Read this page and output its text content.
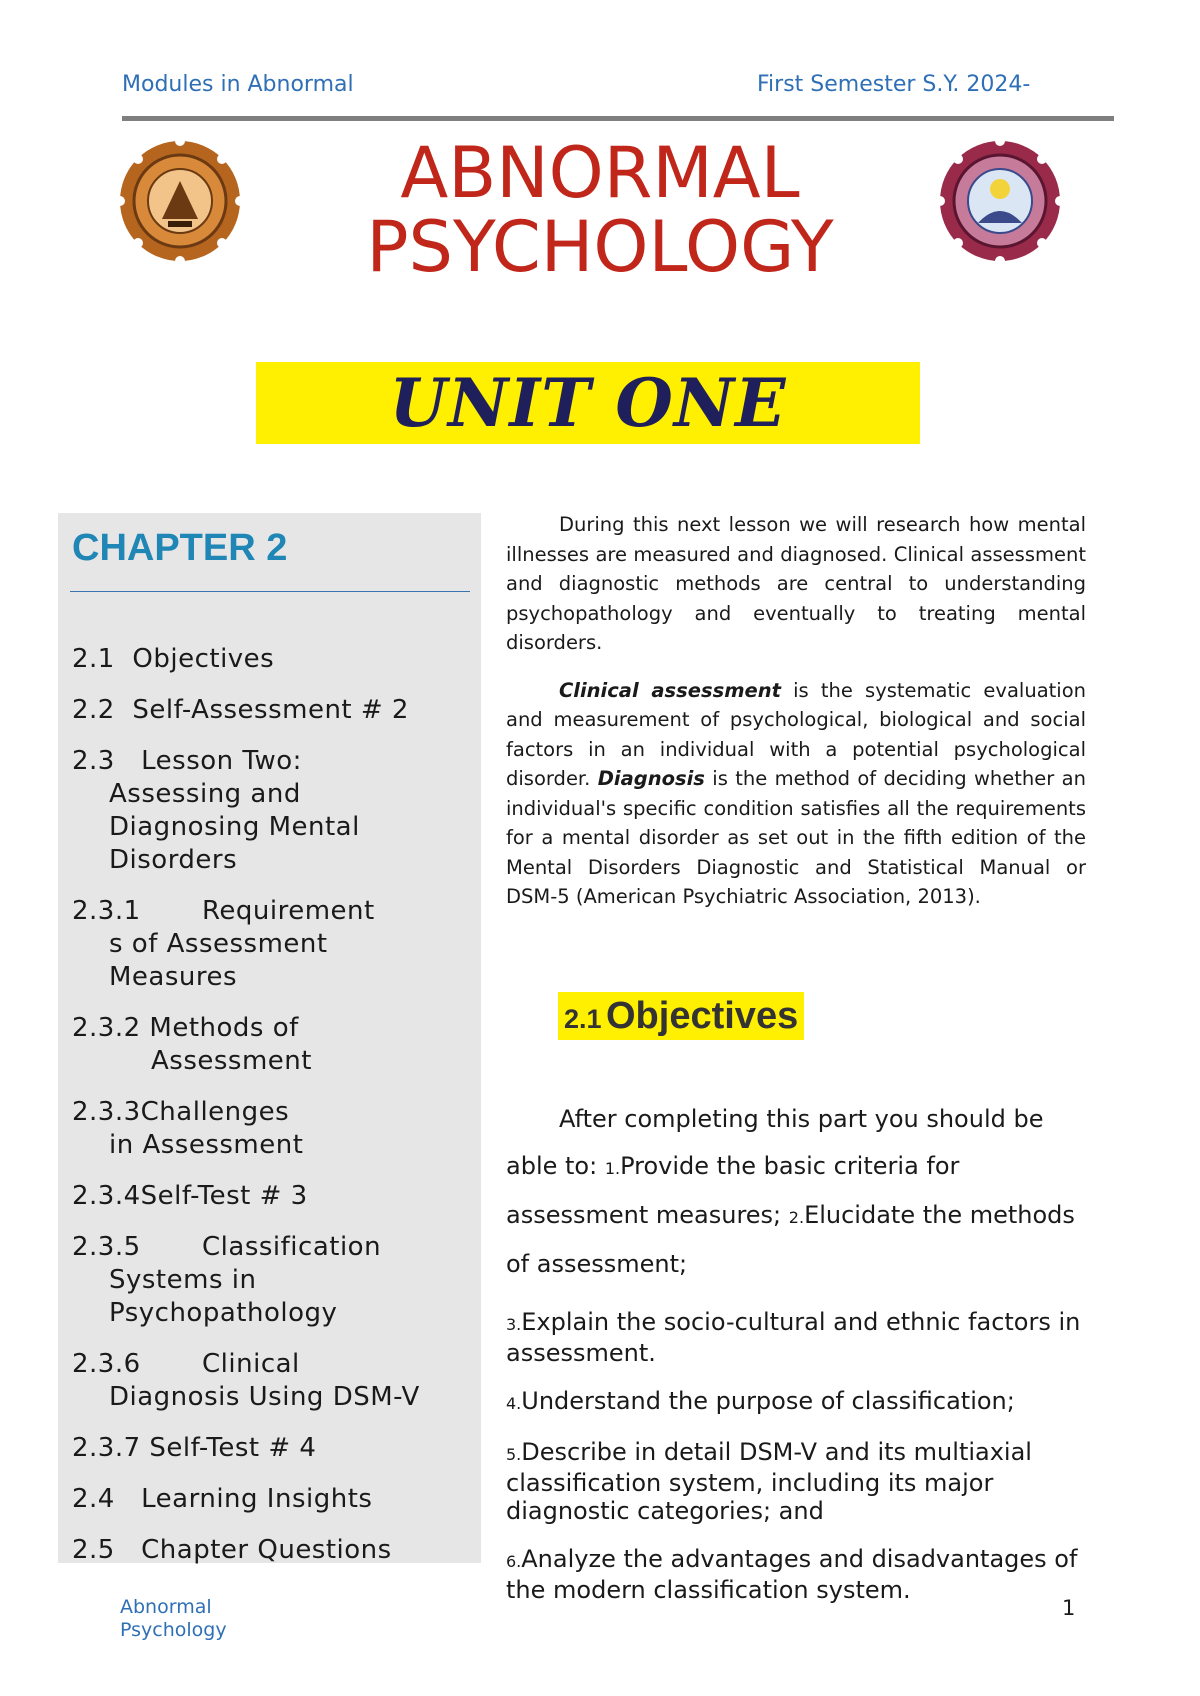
Modules in Abnormal	First Semester S.Y. 2024-
ABNORMAL
PSYCHOLOGY
UNIT ONE
CHAPTER 2
2.1 Objectives
2.2 Self-Assessment # 2
2.3 Lesson Two:
Assessing and
Diagnosing Mental
Disorders
2.3.1 Requirement
s of Assessment
Measures
2.3.2 Methods of
Assessment
2.3.3Challenges
in Assessment
2.3.4Self-Test # 3
2.3.5 Classification
Systems in
Psychopathology
2.3.6 Clinical
Diagnosis Using DSM-V
2.3.7 Self-Test # 4
2.4 Learning Insights
2.5 Chapter Questions

During this next lesson we will research how mental illnesses are measured and diagnosed. Clinical assessment and diagnostic methods are central to understanding psychopathology and eventually to treating mental disorders.

Clinical assessment is the systematic evaluation and measurement of psychological, biological and social factors in an individual with a potential psychological disorder. Diagnosis is the method of deciding whether an individual's specific condition satisfies all the requirements for a mental disorder as set out in the fifth edition of the Mental Disorders Diagnostic and Statistical Manual or DSM-5 (American Psychiatric Association, 2013).

2.1 Objectives
After completing this part you should be able to: 1.Provide the basic criteria for assessment measures; 2.Elucidate the methods of assessment;
3.Explain the socio-cultural and ethnic factors in assessment.
4.Understand the purpose of classification;
5.Describe in detail DSM-V and its multiaxial classification system, including its major diagnostic categories; and
6.Analyze the advantages and disadvantages of the modern classification system.
Abnormal
Psychology
1
